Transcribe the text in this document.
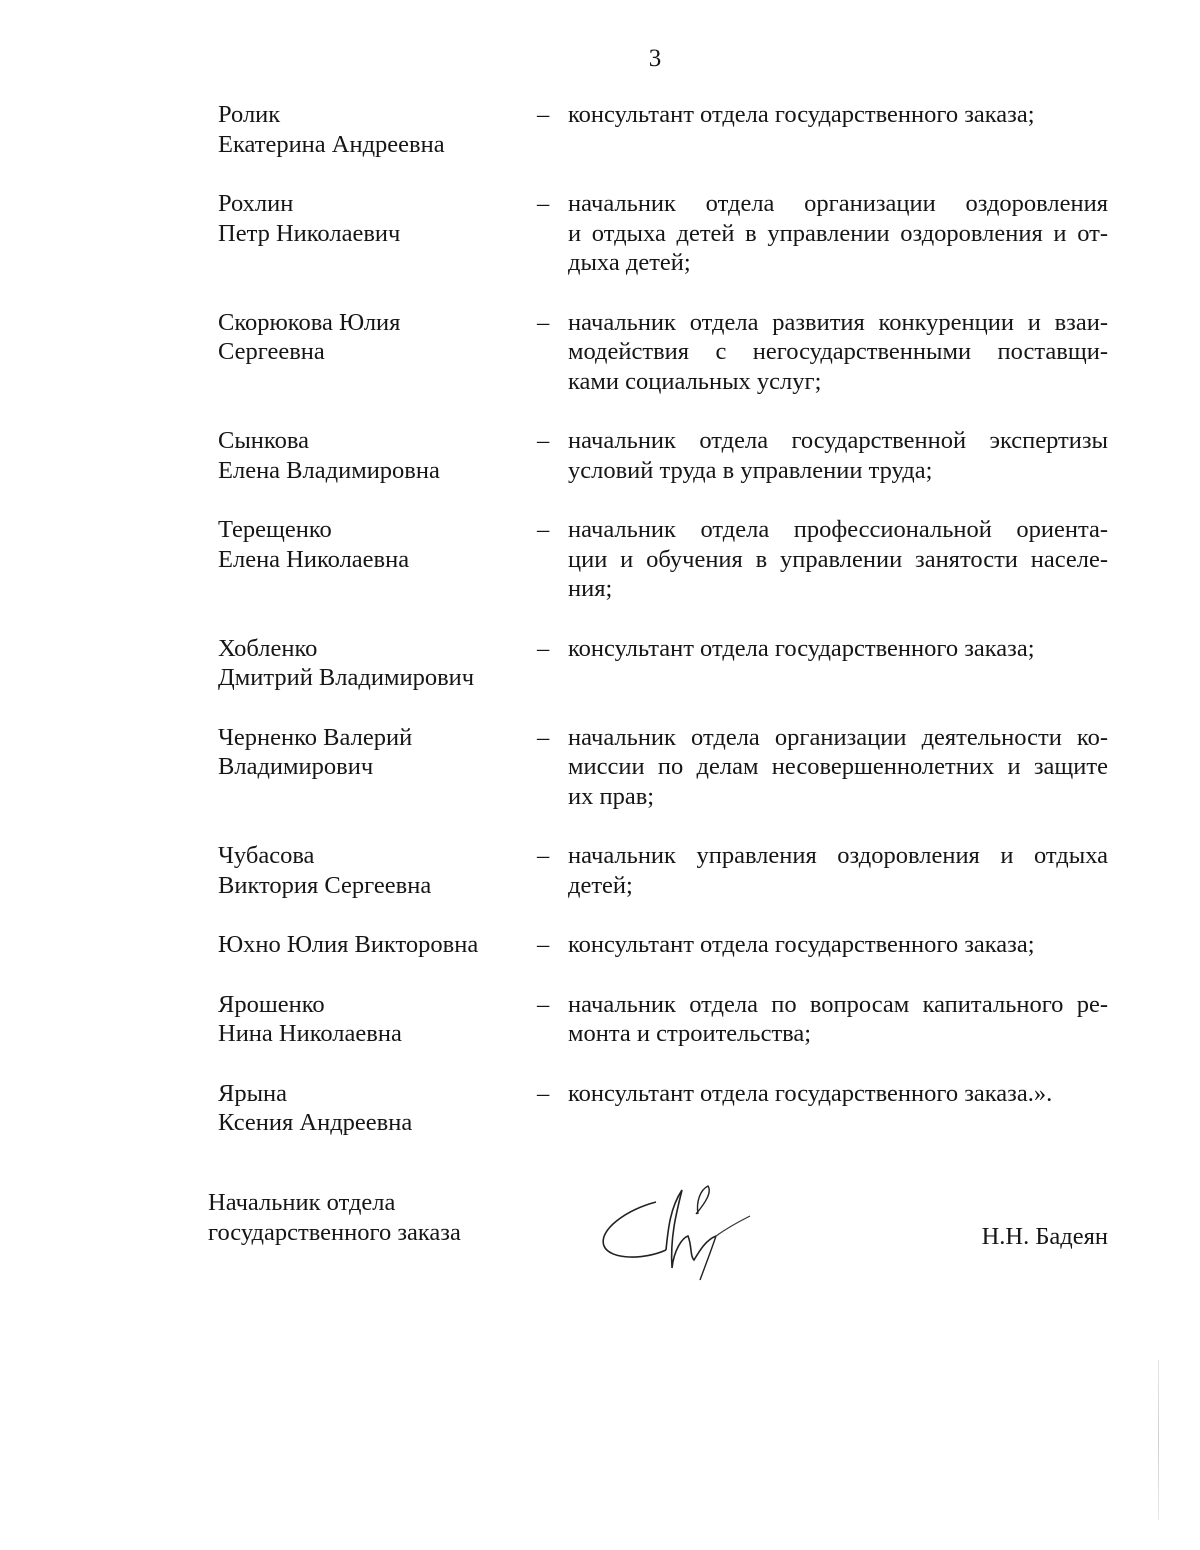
3
Ролик
Екатерина Андреевна
– консультант отдела государственного заказа;
Рохлин
Петр Николаевич
– начальник отдела организации оздоровления
и отдыха детей в управлении оздоровления и от-
дыха детей;
Скорюкова Юлия
Сергеевна
– начальник отдела развития конкуренции и взаи-
модействия с негосударственными поставщи-
ками социальных услуг;
Сынкова
Елена Владимировна
– начальник отдела государственной экспертизы
условий труда в управлении труда;
Терещенко
Елена Николаевна
– начальник отдела профессиональной ориента-
ции и обучения в управлении занятости населе-
ния;
Хобленко
Дмитрий Владимирович
– консультант отдела государственного заказа;
Черненко Валерий
Владимирович
– начальник отдела организации деятельности ко-
миссии по делам несовершеннолетних и защите
их прав;
Чубасова
Виктория Сергеевна
– начальник управления оздоровления и отдыха
детей;
Юхно Юлия Викторовна	– консультант отдела государственного заказа;
Ярошенко
Нина Николаевна
– начальник отдела по вопросам капитального ре-
монта и строительства;
Ярына
Ксения Андреевна
– консультант отдела государственного заказа.».
Начальник отдела
государственного заказа	Н.Н. Бадеян
